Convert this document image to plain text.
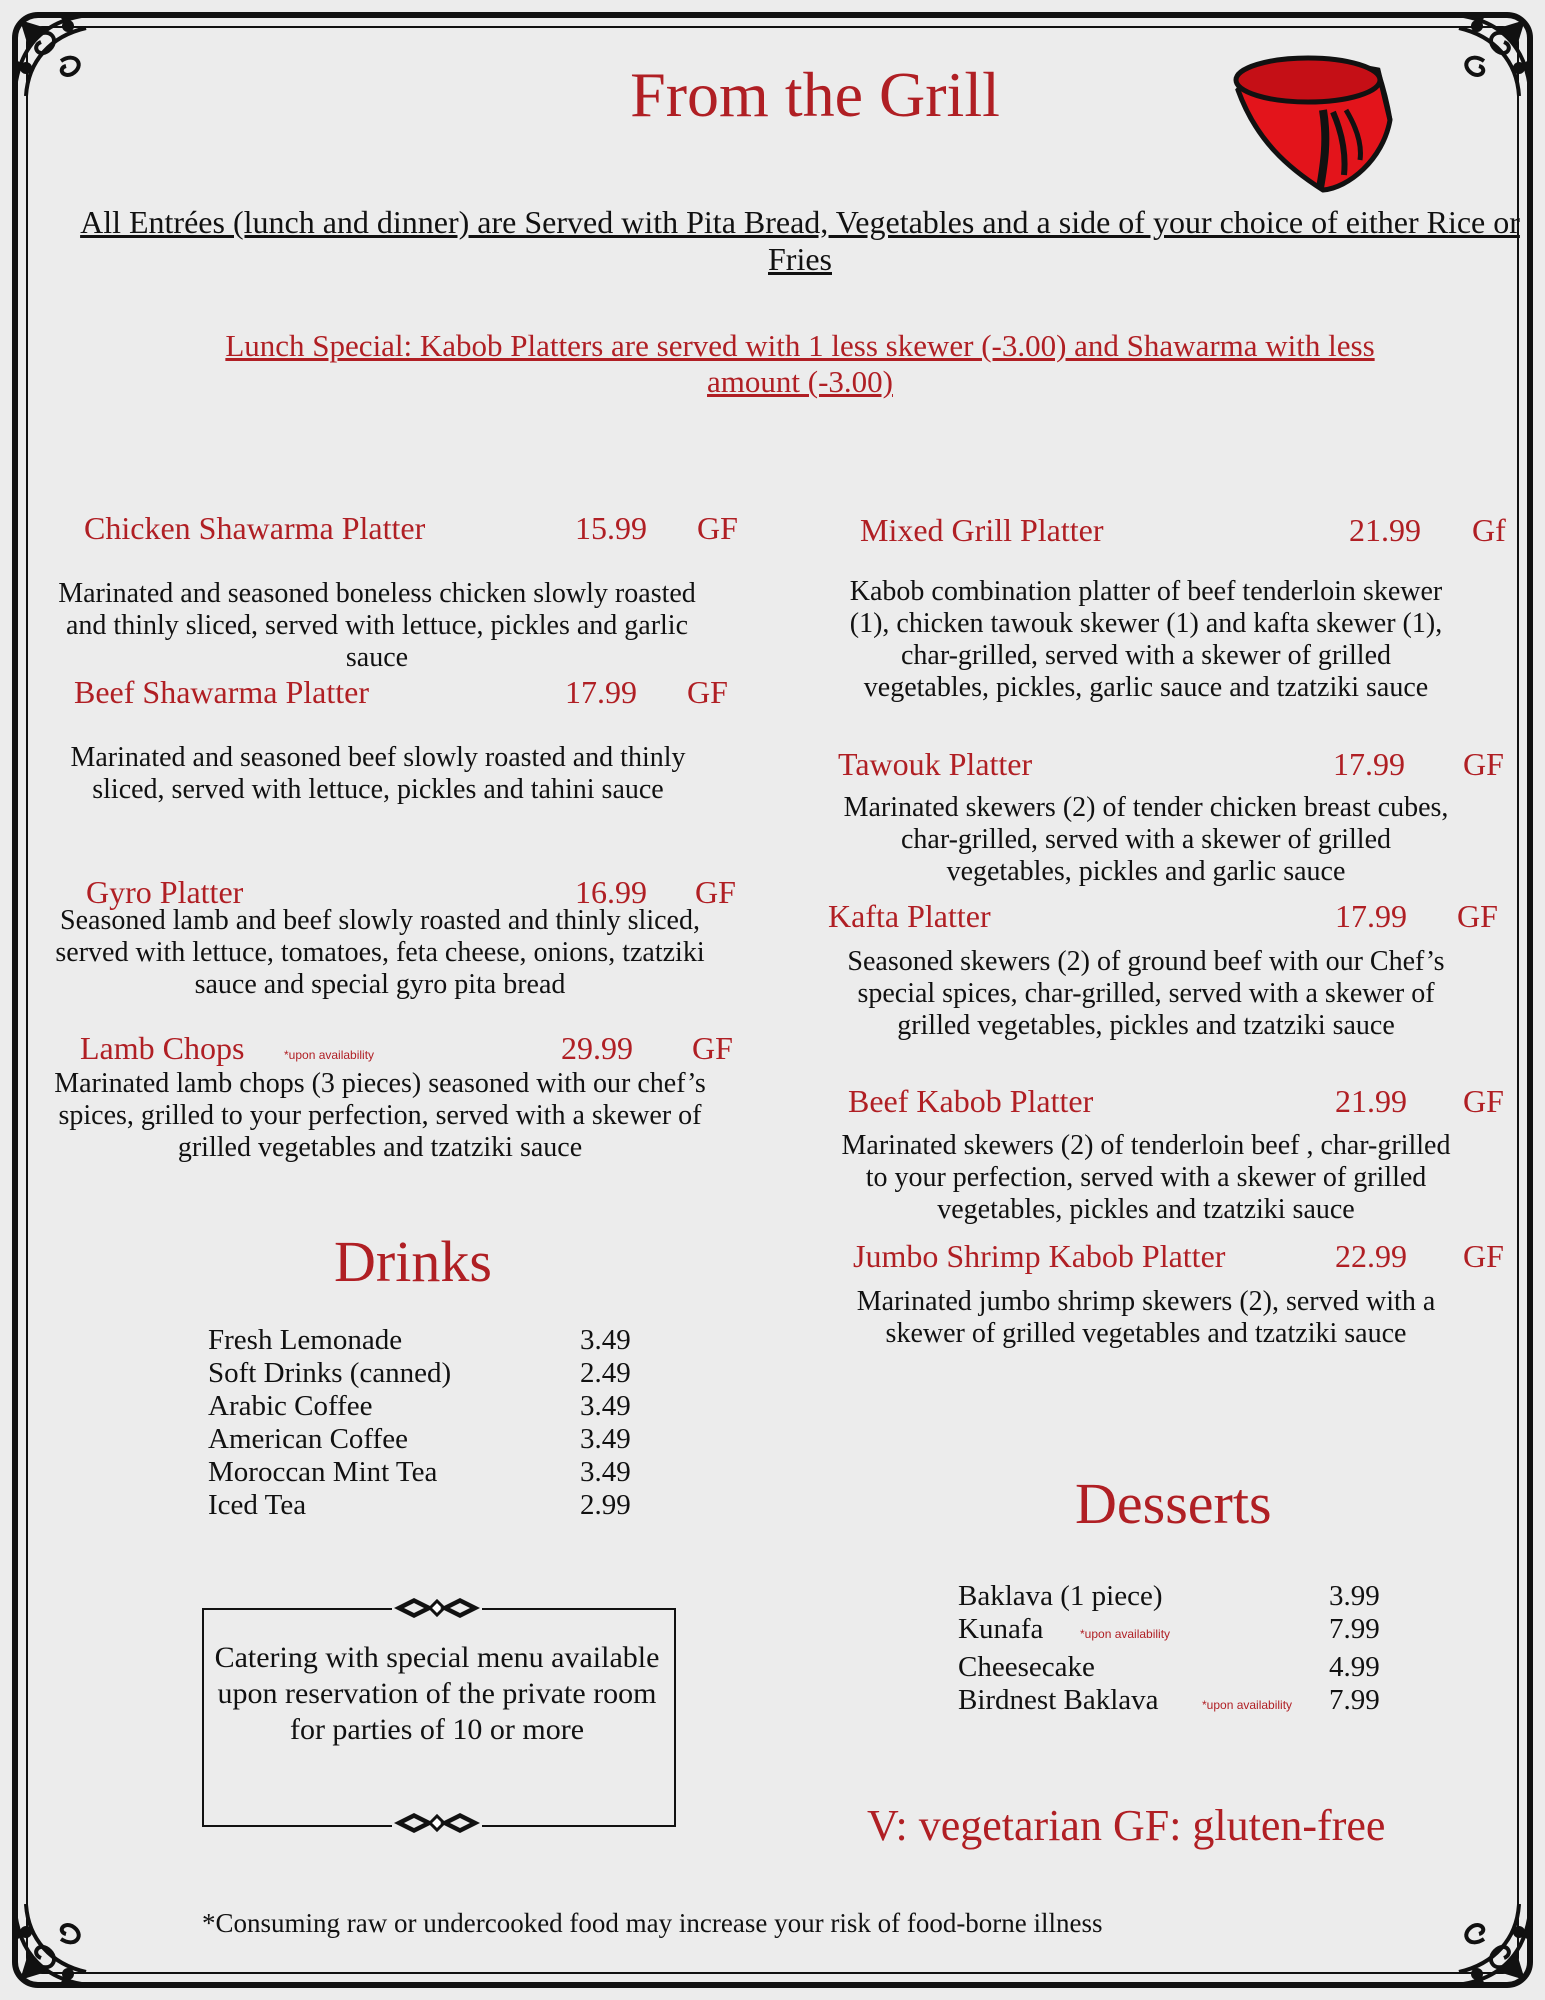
From the Grill
All Entrées (lunch and dinner) are Served with Pita Bread, Vegetables and a side of your choice of either Rice or Fries
Lunch Special: Kabob Platters are served with 1 less skewer (-3.00) and Shawarma with less amount (-3.00)
Chicken Shawarma Platter	15.99 GF
Marinated and seasoned boneless chicken slowly roasted and thinly sliced, served with lettuce, pickles and garlic sauce
Beef Shawarma Platter	17.99 GF
Marinated and seasoned beef slowly roasted and thinly sliced, served with lettuce, pickles and tahini sauce
Gyro Platter	16.99 GF
Seasoned lamb and beef slowly roasted and thinly sliced, served with lettuce, tomatoes, feta cheese, onions, tzatziki sauce and special gyro pita bread
Lamb Chops	*upon availability	29.99 GF
Marinated lamb chops (3 pieces) seasoned with our chef’s spices, grilled to your perfection, served with a skewer of grilled vegetables and tzatziki sauce
Drinks
Fresh Lemonade	3.49
Soft Drinks (canned)	2.49
Arabic Coffee	3.49
American Coffee	3.49
Moroccan Mint Tea	3.49
Iced Tea	2.99
Catering with special menu available upon reservation of the private room for parties of 10 or more
Mixed Grill Platter	21.99 Gf
Kabob combination platter of beef tenderloin skewer (1), chicken tawouk skewer (1) and kafta skewer (1), char-grilled, served with a skewer of grilled vegetables, pickles, garlic sauce and tzatziki sauce
Tawouk Platter	17.99 GF
Marinated skewers (2) of tender chicken breast cubes, char-grilled, served with a skewer of grilled vegetables, pickles and garlic sauce
Kafta Platter	17.99 GF
Seasoned skewers (2) of ground beef with our Chef’s special spices, char-grilled, served with a skewer of grilled vegetables, pickles and tzatziki sauce
Beef Kabob Platter	21.99 GF
Marinated skewers (2) of tenderloin beef , char-grilled to your perfection, served with a skewer of grilled vegetables, pickles and tzatziki sauce
Jumbo Shrimp Kabob Platter	22.99 GF
Marinated jumbo shrimp skewers (2), served with a skewer of grilled vegetables and tzatziki sauce
Desserts
Baklava (1 piece)	3.99
Kunafa	*upon availability	7.99
Cheesecake	4.99
Birdnest Baklava	*upon availability 7.99
V: vegetarian GF: gluten-free
*Consuming raw or undercooked food may increase your risk of food-borne illness
